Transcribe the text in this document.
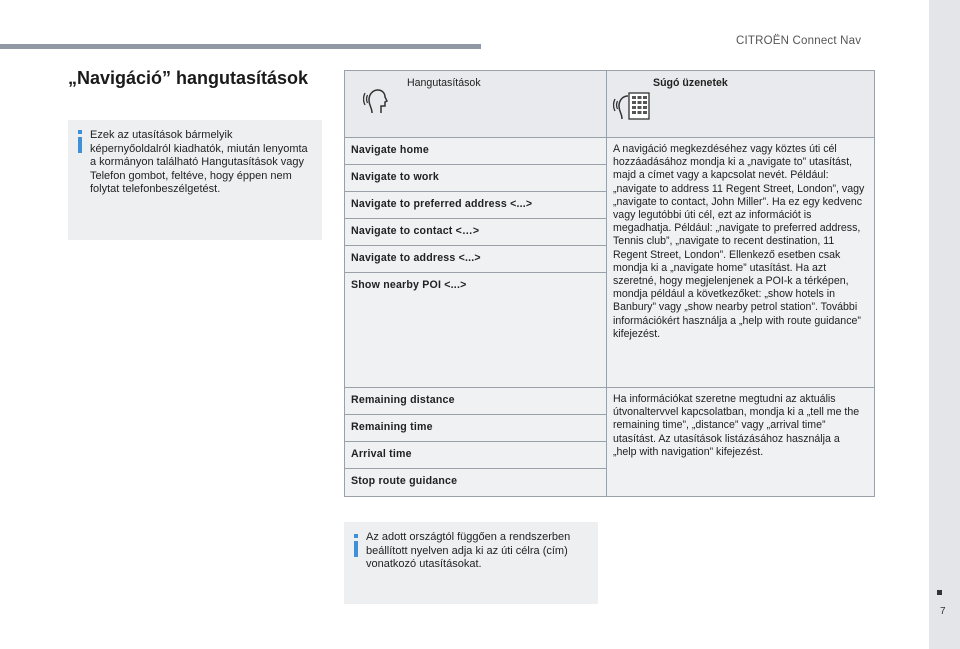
CITROËN Connect Nav
7
„Navigáció” hangutasítások
Ezek az utasítások bármelyik képernyőoldalról kiadhatók, miután lenyomta a kormányon található Hangutasítások vagy Telefon gombot, feltéve, hogy éppen nem folytat telefonbeszélgetést.
Hangutasítások	Súgó üzenetek

Navigate home	A navigáció megkezdéséhez vagy köztes úti cél hozzáadásához mondja ki a „navigate to” utasítást, majd a címet vagy a kapcsolat nevét. Például: „navigate to address 11 Regent Street, London”, vagy „navigate to contact, John Miller”. Ha ez egy kedvenc vagy legutóbbi úti cél, ezt az információt is megadhatja. Például: „navigate to preferred address, Tennis club”, „navigate to recent destination, 11 Regent Street, London”. Ellenkező esetben csak mondja ki a „navigate home” utasítást. Ha azt szeretné, hogy megjelenjenek a POI-k a térképen, mondja például a következőket: „show hotels in Banbury” vagy „show nearby petrol station”. További információkért használja a „help with route guidance” kifejezést.
Navigate to work	
Navigate to preferred address <...>	
Navigate to contact <…>	
Navigate to address <...>	
Show nearby POI <...>	
Remaining distance	Ha információkat szeretne megtudni az aktuális útvonaltervvel kapcsolatban, mondja ki a „tell me the remaining time”, „distance” vagy „arrival time” utasítást. Az utasítások listázásához használja a „help with navigation” kifejezést.
Remaining time	
Arrival time	
Stop route guidance	
Az adott országtól függően a rendszerben beállított nyelven adja ki az úti célra (cím) vonatkozó utasításokat.
